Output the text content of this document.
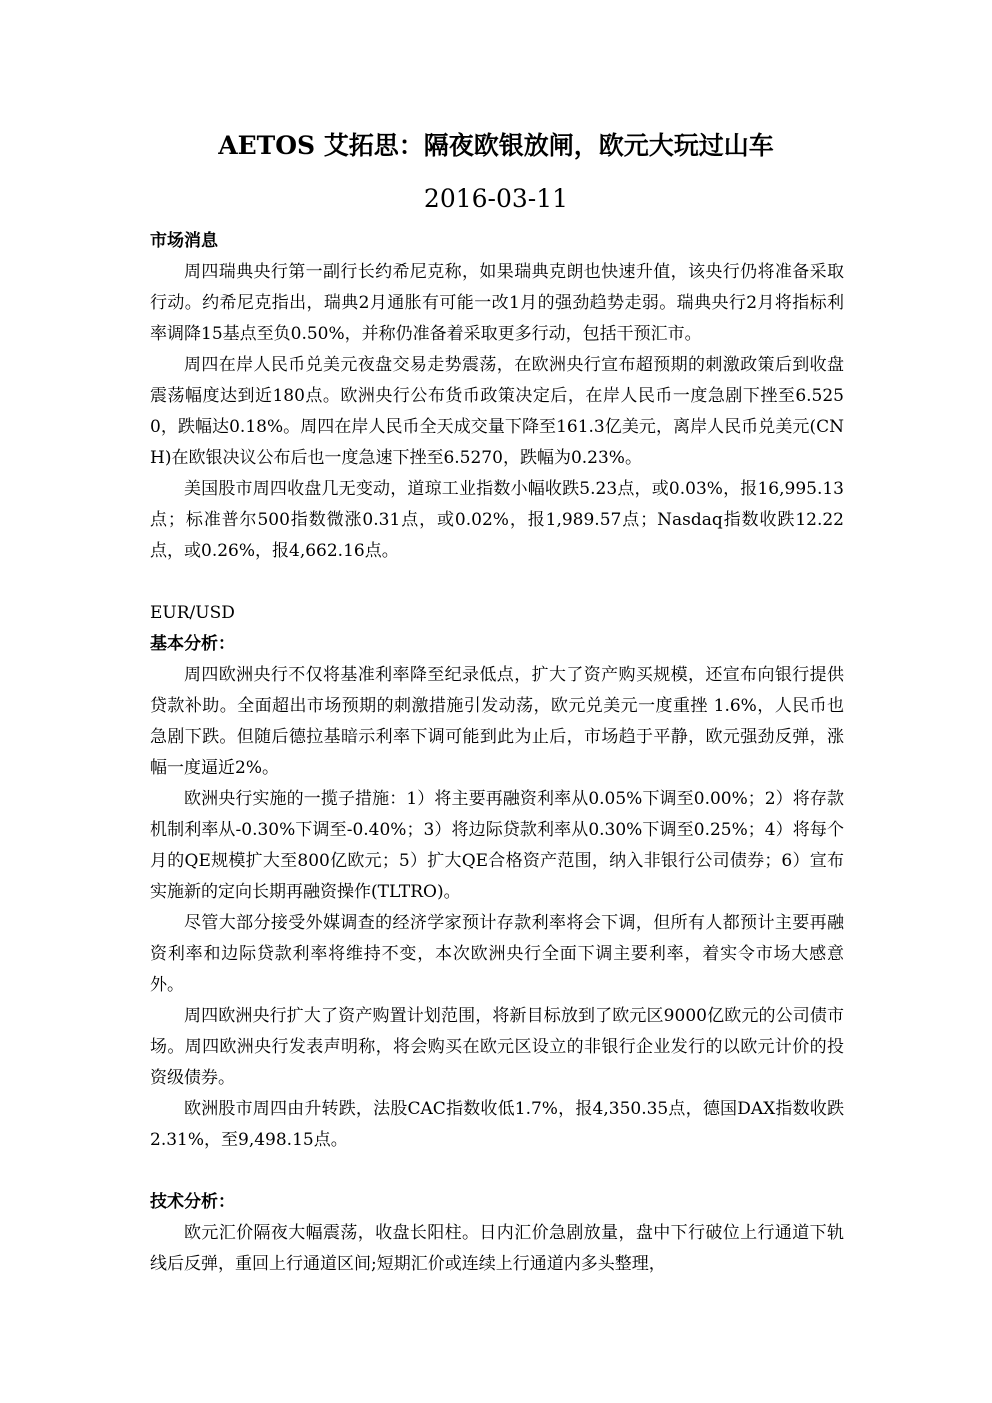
AETOS 艾拓思：隔夜欧银放闸，欧元大玩过山车
2016-03-11
市场消息

周四瑞典央行第一副行长约希尼克称，如果瑞典克朗也快速升值，该央行仍将准备采取行动。约希尼克指出，瑞典2月通胀有可能一改1月的强劲趋势走弱。瑞典央行2月将指标利率调降15基点至负0.50%，并称仍准备着采取更多行动，包括干预汇市。

周四在岸人民币兑美元夜盘交易走势震荡，在欧洲央行宣布超预期的刺激政策后到收盘震荡幅度达到近180点。欧洲央行公布货币政策决定后，在岸人民币一度急剧下挫至6.5250，跌幅达0.18%。周四在岸人民币全天成交量下降至161.3亿美元，离岸人民币兑美元(CNH)在欧银决议公布后也一度急速下挫至6.5270，跌幅为0.23%。

美国股市周四收盘几无变动，道琼工业指数小幅收跌5.23点，或0.03%，报16,995.13点；标准普尔500指数微涨0.31点，或0.02%，报1,989.57点；Nasdaq指数收跌12.22点，或0.26%，报4,662.16点。

EUR/USD
基本分析：

周四欧洲央行不仅将基准利率降至纪录低点，扩大了资产购买规模，还宣布向银行提供贷款补助。全面超出市场预期的刺激措施引发动荡，欧元兑美元一度重挫 1.6%，人民币也急剧下跌。但随后德拉基暗示利率下调可能到此为止后，市场趋于平静，欧元强劲反弹，涨幅一度逼近2%。

欧洲央行实施的一揽子措施：1）将主要再融资利率从0.05%下调至0.00%；2）将存款机制利率从-0.30%下调至-0.40%；3）将边际贷款利率从0.30%下调至0.25%；4）将每个月的QE规模扩大至800亿欧元；5）扩大QE合格资产范围，纳入非银行公司债券；6）宣布实施新的定向长期再融资操作(TLTRO)。

尽管大部分接受外媒调查的经济学家预计存款利率将会下调，但所有人都预计主要再融资利率和边际贷款利率将维持不变，本次欧洲央行全面下调主要利率，着实令市场大感意外。

周四欧洲央行扩大了资产购置计划范围，将新目标放到了欧元区9000亿欧元的公司债市场。周四欧洲央行发表声明称，将会购买在欧元区设立的非银行企业发行的以欧元计价的投资级债券。

欧洲股市周四由升转跌，法股CAC指数收低1.7%，报4,350.35点，德国DAX指数收跌2.31%，至9,498.15点。

技术分析：

欧元汇价隔夜大幅震荡，收盘长阳柱。日内汇价急剧放量，盘中下行破位上行通道下轨线后反弹，重回上行通道区间;短期汇价或连续上行通道内多头整理，
